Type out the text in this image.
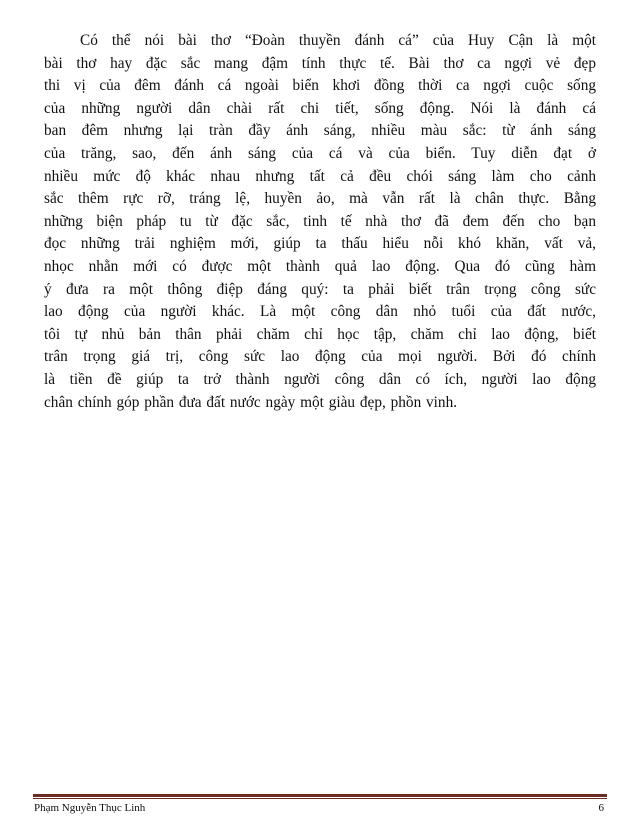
Có thể nói bài thơ “Đoàn thuyền đánh cá” của Huy Cận là một
bài thơ hay đặc sắc mang đậm tính thực tế. Bài thơ ca ngợi vẻ đẹp
thi vị của đêm đánh cá ngoài biển khơi đồng thời ca ngợi cuộc sống
của những người dân chài rất chi tiết, sống động. Nói là đánh cá
ban đêm nhưng lại tràn đầy ánh sáng, nhiều màu sắc: từ ánh sáng
của trăng, sao, đến ánh sáng của cá và của biển. Tuy diễn đạt ở
nhiều mức độ khác nhau nhưng tất cả đều chói sáng làm cho cảnh
sắc thêm rực rỡ, tráng lệ, huyền ảo, mà vẫn rất là chân thực. Bằng
những biện pháp tu từ đặc sắc, tinh tế nhà thơ đã đem đến cho bạn
đọc những trải nghiệm mới, giúp ta thấu hiểu nỗi khó khăn, vất vả,
nhọc nhằn mới có được một thành quả lao động. Qua đó cũng hàm
ý đưa ra một thông điệp đáng quý: ta phải biết trân trọng công sức
lao động của người khác. Là một công dân nhỏ tuổi của đất nước,
tôi tự nhủ bản thân phải chăm chỉ học tập, chăm chỉ lao động, biết
trân trọng giá trị, công sức lao động của mọi người. Bởi đó chính
là tiền đề giúp ta trở thành người công dân có ích, người lao động
chân chính góp phần đưa đất nước ngày một giàu đẹp, phồn vinh.

Phạm Nguyễn Thục Linh	6
